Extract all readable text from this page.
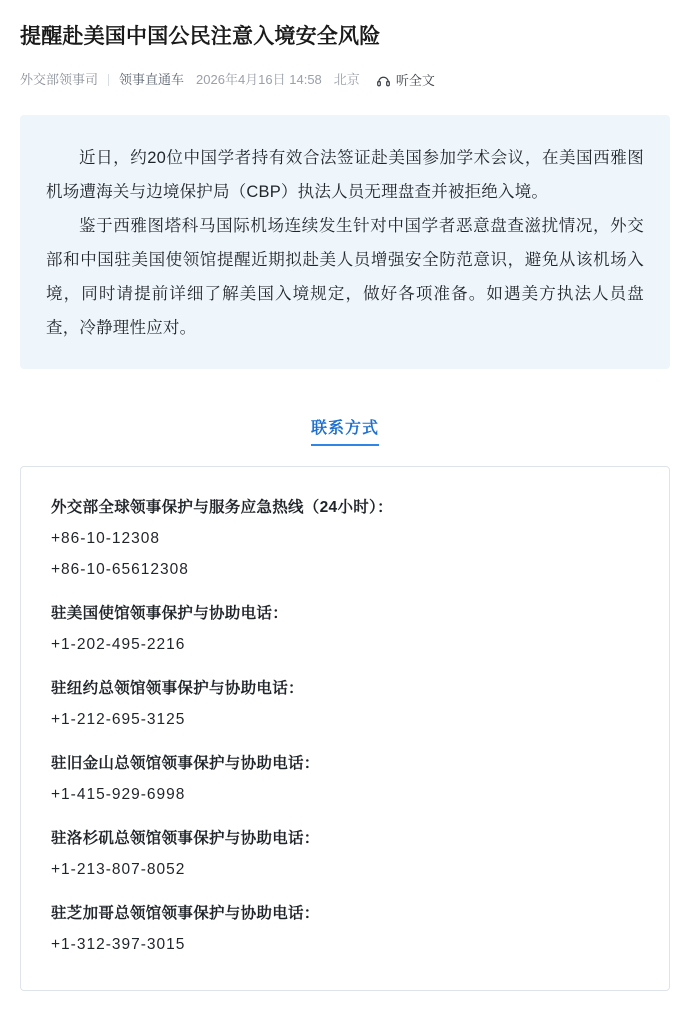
提醒赴美国中国公民注意入境安全风险
外交部领事司 领事直通车 2026年4月16日 14:58 北京	听全文

近日，约20位中国学者持有效合法签证赴美国参加学术会议，在美国西雅图机场遭海关与边境保护局（CBP）执法人员无理盘查并被拒绝入境。

鉴于西雅图塔科马国际机场连续发生针对中国学者恶意盘查滋扰情况，外交部和中国驻美国使领馆提醒近期拟赴美人员增强安全防范意识，避免从该机场入境，同时请提前详细了解美国入境规定，做好各项准备。如遇美方执法人员盘查，冷静理性应对。

联系方式
外交部全球领事保护与服务应急热线（24小时）：
+86-10-12308
+86-10-65612308
驻美国使馆领事保护与协助电话：
+1-202-495-2216
驻纽约总领馆领事保护与协助电话：
+1-212-695-3125
驻旧金山总领馆领事保护与协助电话：
+1-415-929-6998
驻洛杉矶总领馆领事保护与协助电话：
+1-213-807-8052
驻芝加哥总领馆领事保护与协助电话：
+1-312-397-3015
